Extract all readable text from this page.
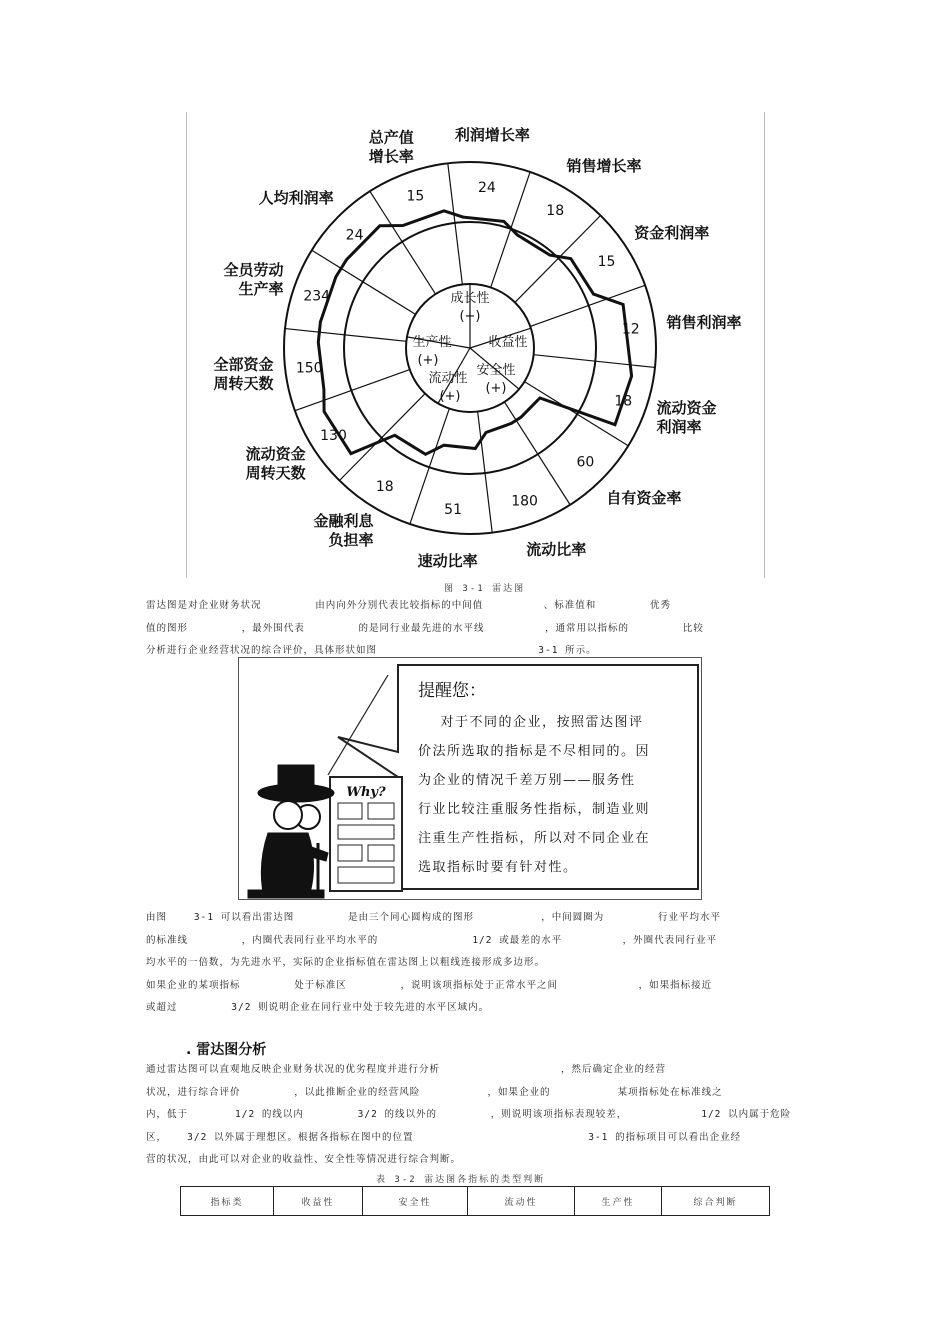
24
18
15
12
18
60
180
51
18
130
150
234
24
15
利润增长率
销售增长率
资金利润率
销售利润率
流动资金利润率
自有资金率
流动比率
速动比率
金融利息负担率
流动资金周转天数
全部资金周转天数
全员劳动生产率
人均利润率
总产值增长率
成长性
(+)
生产性
(+)
收益性
安全性
(+)
流动性
(+)
图 3-1 雷达图
雷达图是对企业财务状况        由内向外分别代表比较指标的中间值         、标准值和        优秀
值的图形        ，最外围代表        的是同行业最先进的水平线         ，通常用以指标的        比较
分析进行企业经营状况的综合评价，具体形状如图                        3-1 所示。
Why?
提醒您：
对于不同的企业，按照雷达图评
价法所选取的指标是不尽相同的。因
为企业的情况千差万别——服务性
行业比较注重服务性指标，制造业则
注重生产性指标，所以对不同企业在
选取指标时要有针对性。
由图    3-1 可以看出雷达图        是由三个同心圆构成的图形          ，中间圆圈为        行业平均水平
的标准线        ，内圈代表同行业平均水平的              1/2 或最差的水平         ，外圈代表同行业平
均水平的一倍数，为先进水平，实际的企业指标值在雷达图上以粗线连接形成多边形。
如果企业的某项指标        处于标准区        ，说明该项指标处于正常水平之间            ，如果指标接近
或超过        3/2 则说明企业在同行业中处于较先进的水平区域内。
. 雷达图分析
通过雷达图可以直观地反映企业财务状况的优劣程度并进行分析                  ，然后确定企业的经营
状况，进行综合评价        ，以此推断企业的经营风险          ，如果企业的          某项指标处在标准线之
内，低于       1/2 的线以内        3/2 的线以外的        ，则说明该项指标表现较差，           1/2 以内属于危险
区，   3/2 以外属于理想区。根据各指标在图中的位置                          3-1 的指标项目可以看出企业经
营的状况，由此可以对企业的收益性、安全性等情况进行综合判断。
表 3-2 雷达图各指标的类型判断
指标类	收益性	安全性	流动性	生产性	综合判断
